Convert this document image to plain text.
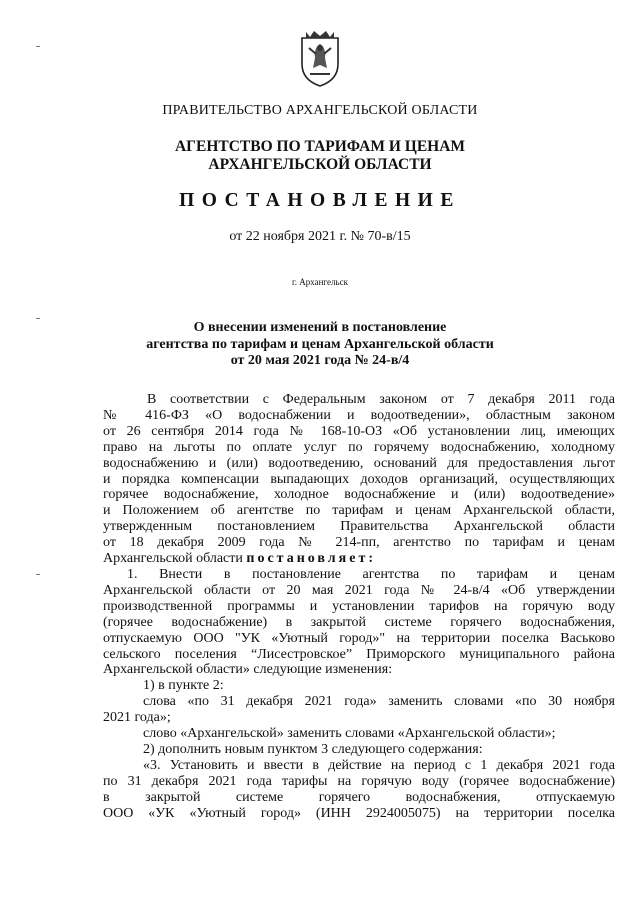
ПРАВИТЕЛЬСТВО АРХАНГЕЛЬСКОЙ ОБЛАСТИ
АГЕНТСТВО ПО ТАРИФАМ И ЦЕНАМ
АРХАНГЕЛЬСКОЙ ОБЛАСТИ
ПОСТАНОВЛЕНИЕ
от 22 ноября 2021 г. № 70-в/15
г. Архангельск
О внесении изменений в постановление
агентства по тарифам и ценам Архангельской области
от 20 мая 2021 года № 24-в/4

В соответствии с Федеральным законом от 7 декабря 2011 года

№ 416-ФЗ «О водоснабжении и водоотведении», областным законом

от 26 сентября 2014 года № 168-10-ОЗ «Об установлении лиц, имеющих

право на льготы по оплате услуг по горячему водоснабжению, холодному

водоснабжению и (или) водоотведению, оснований для предоставления льгот

и порядка компенсации выпадающих доходов организаций, осуществляющих

горячее водоснабжение, холодное водоснабжение и (или) водоотведение»

и Положением об агентстве по тарифам и ценам Архангельской области,

утвержденным постановлением Правительства Архангельской области

от 18 декабря 2009 года № 214-пп, агентство по тарифам и ценам

Архангельской области постановляет:

1. Внести в постановление агентства по тарифам и ценам

Архангельской области от 20 мая 2021 года № 24-в/4 «Об утверждении

производственной программы и установлении тарифов на горячую воду

(горячее водоснабжение) в закрытой системе горячего водоснабжения,

отпускаемую ООО "УК «Уютный город»" на территории поселка Васьково

сельского поселения “Лисестровское” Приморского муниципального района

Архангельской области» следующие изменения:

1) в пункте 2:

слова «по 31 декабря 2021 года» заменить словами «по 30 ноября

2021 года»;

слово «Архангельской» заменить словами «Архангельской области»;

2) дополнить новым пунктом 3 следующего содержания:

«3. Установить и ввести в действие на период с 1 декабря 2021 года

по 31 декабря 2021 года тарифы на горячую воду (горячее водоснабжение)

в закрытой системе горячего водоснабжения, отпускаемую

ООО «УК «Уютный город» (ИНН 2924005075) на территории поселка
